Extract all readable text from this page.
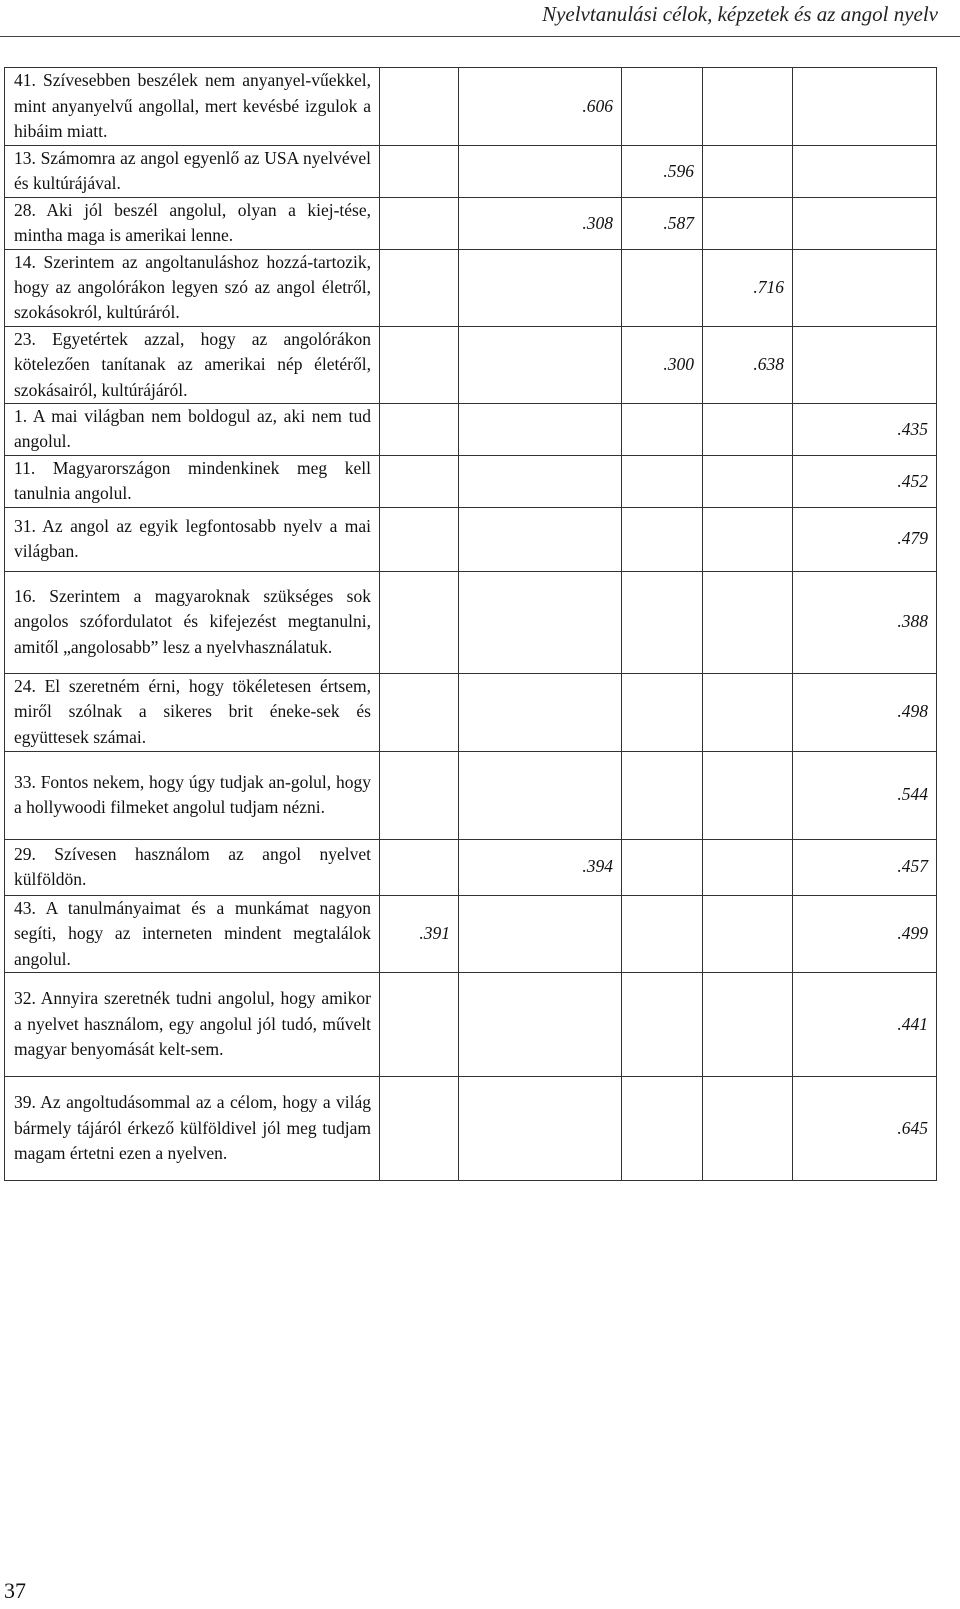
Nyelvtanulási célok, képzetek és az angol nyelv
41. Szívesebben beszélek nem anyanyel-vűekkel, mint anyanyelvű angollal, mert kevésbé izgulok a hibáim miatt.		.606			
13. Számomra az angol egyenlő az USA nyelvével és kultúrájával.			.596		
28. Aki jól beszél angolul, olyan a kiej-tése, mintha maga is amerikai lenne.		.308	.587		
14. Szerintem az angoltanuláshoz hozzá-tartozik, hogy az angolórákon legyen szó az angol életről, szokásokról, kultúráról.				.716	
23. Egyetértek azzal, hogy az angolórákon kötelezően tanítanak az amerikai nép életéről, szokásairól, kultúrájáról.			.300	.638	
1. A mai világban nem boldogul az, aki nem tud angolul.					.435
11. Magyarországon mindenkinek meg kell tanulnia angolul.					.452
31. Az angol az egyik legfontosabb nyelv a mai világban.					.479
16. Szerintem a magyaroknak szükséges sok angolos szófordulatot és kifejezést megtanulni, amitől „angolosabb” lesz a nyelvhasználatuk.					.388
24. El szeretném érni, hogy tökéletesen értsem, miről szólnak a sikeres brit éneke-sek és együttesek számai.					.498
33. Fontos nekem, hogy úgy tudjak an-golul, hogy a hollywoodi filmeket angolul tudjam nézni.					.544
29. Szívesen használom az angol nyelvet külföldön.		.394			.457
43. A tanulmányaimat és a munkámat nagyon segíti, hogy az interneten mindent megtalálok angolul.	.391				.499
32. Annyira szeretnék tudni angolul, hogy amikor a nyelvet használom, egy angolul jól tudó, művelt magyar benyomását kelt-sem.					.441
39. Az angoltudásommal az a célom, hogy a világ bármely tájáról érkező külföldivel jól meg tudjam magam értetni ezen a nyelven.					.645
37
